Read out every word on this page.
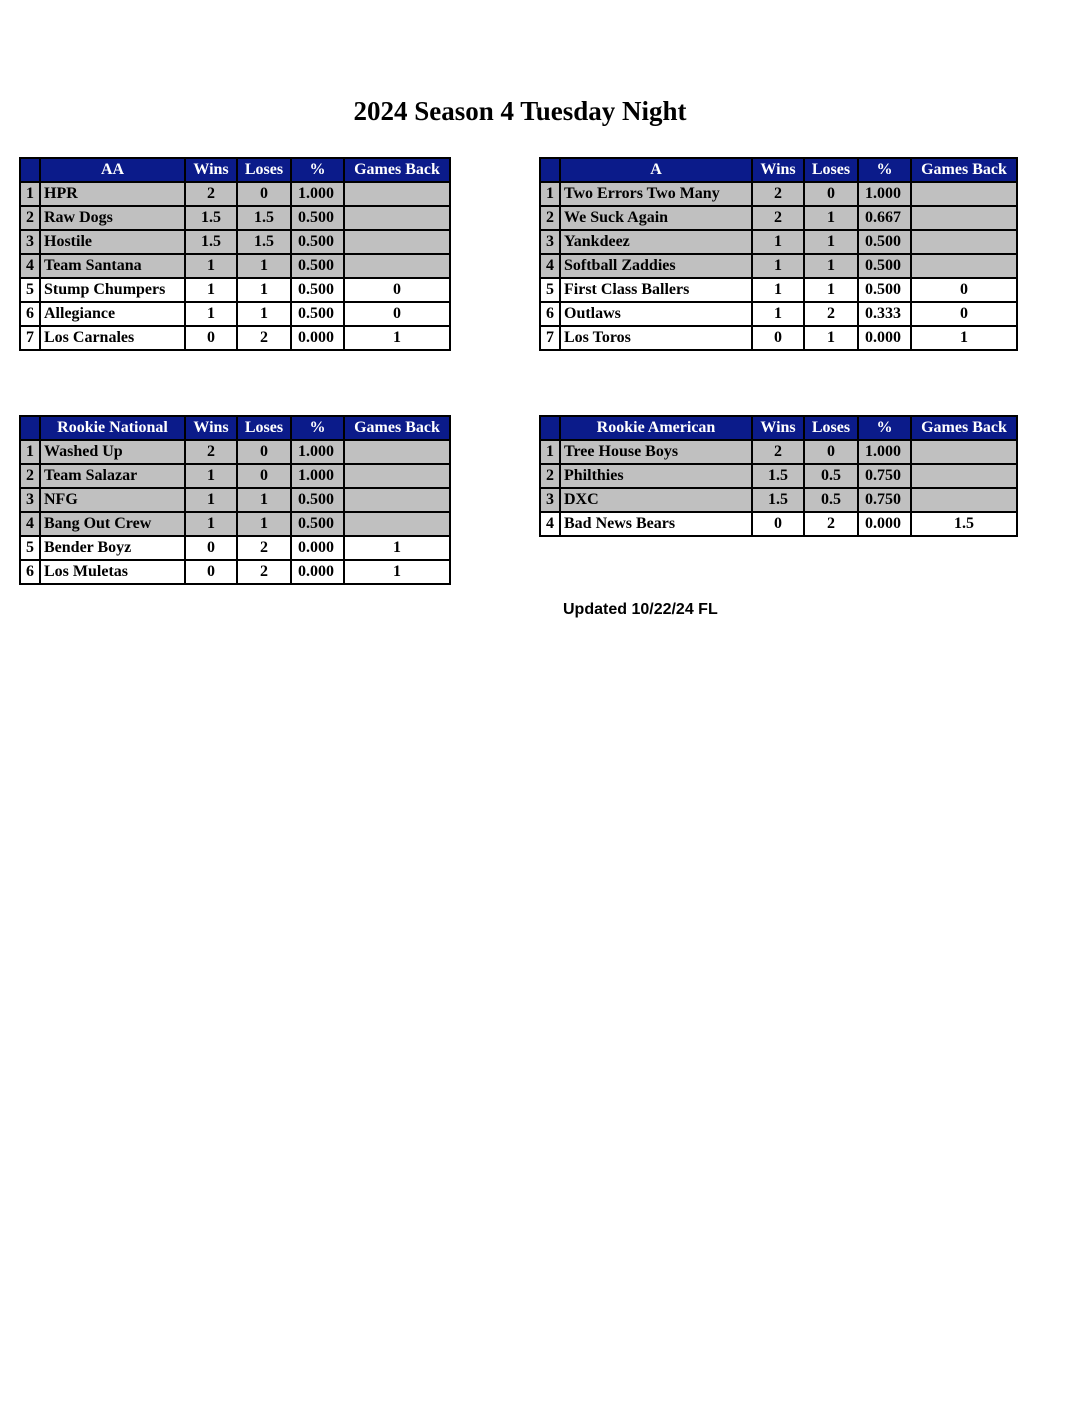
2024 Season 4 Tuesday Night
	AA	Wins	Loses	%	Games Back
1	HPR	2	0	1.000	
2	Raw Dogs	1.5	1.5	0.500	
3	Hostile	1.5	1.5	0.500	
4	Team Santana	1	1	0.500	
5	Stump Chumpers	1	1	0.500	0
6	Allegiance	1	1	0.500	0
7	Los Carnales	0	2	0.000	1
	A	Wins	Loses	%	Games Back
1	Two Errors Two Many	2	0	1.000	
2	We Suck Again	2	1	0.667	
3	Yankdeez	1	1	0.500	
4	Softball Zaddies	1	1	0.500	
5	First Class Ballers	1	1	0.500	0
6	Outlaws	1	2	0.333	0
7	Los Toros	0	1	0.000	1
	Rookie National	Wins	Loses	%	Games Back
1	Washed Up	2	0	1.000	
2	Team Salazar	1	0	1.000	
3	NFG	1	1	0.500	
4	Bang Out Crew	1	1	0.500	
5	Bender Boyz	0	2	0.000	1
6	Los Muletas	0	2	0.000	1
	Rookie American	Wins	Loses	%	Games Back
1	Tree House Boys	2	0	1.000	
2	Philthies	1.5	0.5	0.750	
3	DXC	1.5	0.5	0.750	
4	Bad News Bears	0	2	0.000	1.5
Updated 10/22/24 FL
